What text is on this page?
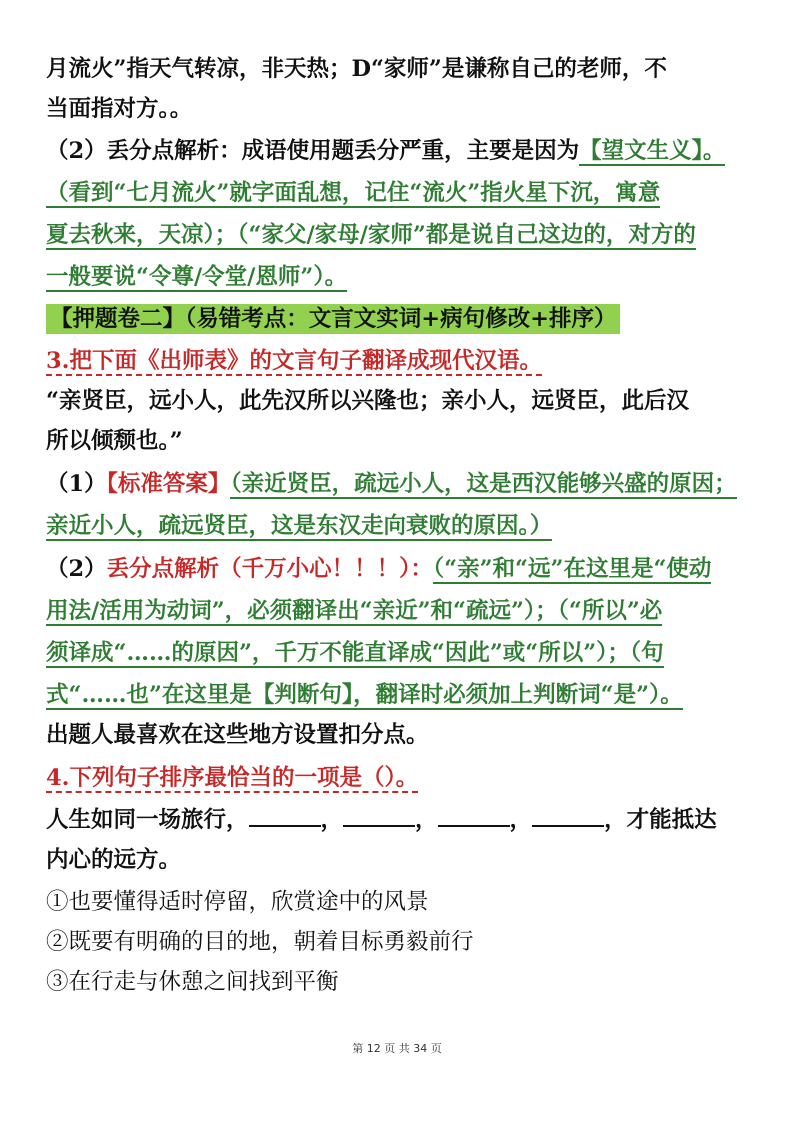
月流火”指天气转凉，非天热；D“家师”是谦称自己的老师，不
当面指对方。。
（2）丢分点解析：成语使用题丢分严重，主要是因为【望文生义】。
（看到“七月流火”就字面乱想，记住“流火”指火星下沉，寓意
夏去秋来，天凉）；（“家父/家母/家师”都是说自己这边的，对方的
一般要说“令尊/令堂/恩师”）。
【押题卷二】（易错考点：文言文实词+病句修改+排序）
3.把下面《出师表》的文言句子翻译成现代汉语。
“亲贤臣，远小人，此先汉所以兴隆也；亲小人，远贤臣，此后汉
所以倾颓也。”
（1）【标准答案】（亲近贤臣，疏远小人，这是西汉能够兴盛的原因；
亲近小人，疏远贤臣，这是东汉走向衰败的原因。）
（2）丢分点解析（千万小心！！！）：（“亲”和“远”在这里是“使动
用法/活用为动词”，必须翻译出“亲近”和“疏远”）；（“所以”必
须译成“……的原因”，千万不能直译成“因此”或“所以”）；（句
式“……也”在这里是【判断句】，翻译时必须加上判断词“是”）。
出题人最喜欢在这些地方设置扣分点。
4.下列句子排序最恰当的一项是（）。
人生如同一场旅行，	，	，	，	，才能抵达
内心的远方。
①也要懂得适时停留，欣赏途中的风景
②既要有明确的目的地，朝着目标勇毅前行
③在行走与休憩之间找到平衡
第 12 页 共 34 页
